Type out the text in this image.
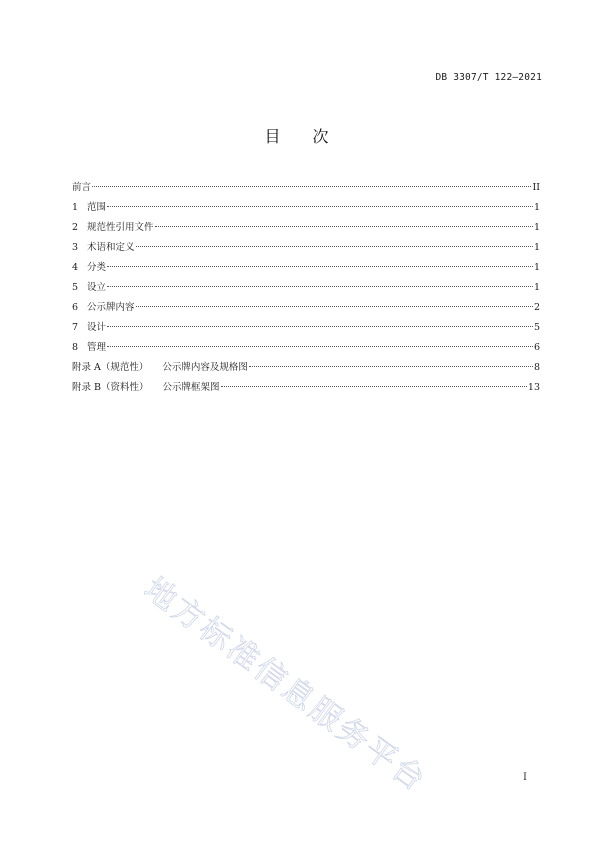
DB 3307/T 122—2021
目 次
前言	II
1 范围	1
2 规范性引用文件	1
3 术语和定义	1
4 分类	1
5 设立	1
6 公示牌内容	2
7 设计	5
8 管理	6
附录 A（规范性） 公示牌内容及规格图	8
附录 B（资料性） 公示牌框架图	13
地方标准信息服务平台	I
